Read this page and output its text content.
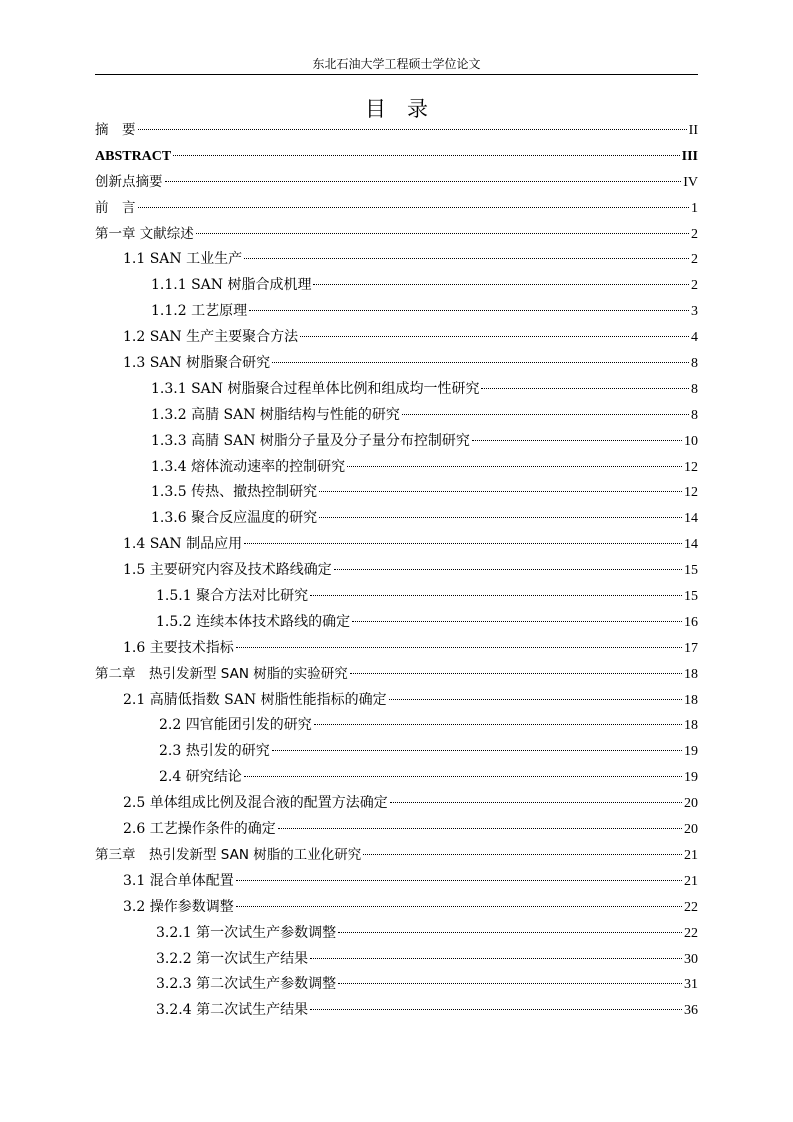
东北石油大学工程硕士学位论文
目　录
摘　要	II
ABSTRACT	III
创新点摘要	IV
前　言	1
第一章 文献综述	2
1.1 SAN 工业生产	2
1.1.1 SAN 树脂合成机理	2
1.1.2 工艺原理	3
1.2 SAN 生产主要聚合方法	4
1.3 SAN 树脂聚合研究	8
1.3.1 SAN 树脂聚合过程单体比例和组成均一性研究	8
1.3.2 高腈 SAN 树脂结构与性能的研究	8
1.3.3 高腈 SAN 树脂分子量及分子量分布控制研究	10
1.3.4 熔体流动速率的控制研究	12
1.3.5 传热、撤热控制研究	12
1.3.6 聚合反应温度的研究	14
1.4 SAN 制品应用	14
1.5 主要研究内容及技术路线确定	15
1.5.1 聚合方法对比研究	15
1.5.2 连续本体技术路线的确定	16
1.6 主要技术指标	17
第二章　热引发新型 SAN 树脂的实验研究	18
2.1 高腈低指数 SAN 树脂性能指标的确定	18
2.2 四官能团引发的研究	18
2.3 热引发的研究	19
2.4 研究结论	19
2.5 单体组成比例及混合液的配置方法确定	20
2.6 工艺操作条件的确定	20
第三章　热引发新型 SAN 树脂的工业化研究	21
3.1 混合单体配置	21
3.2 操作参数调整	22
3.2.1 第一次试生产参数调整	22
3.2.2 第一次试生产结果	30
3.2.3 第二次试生产参数调整	31
3.2.4 第二次试生产结果	36
